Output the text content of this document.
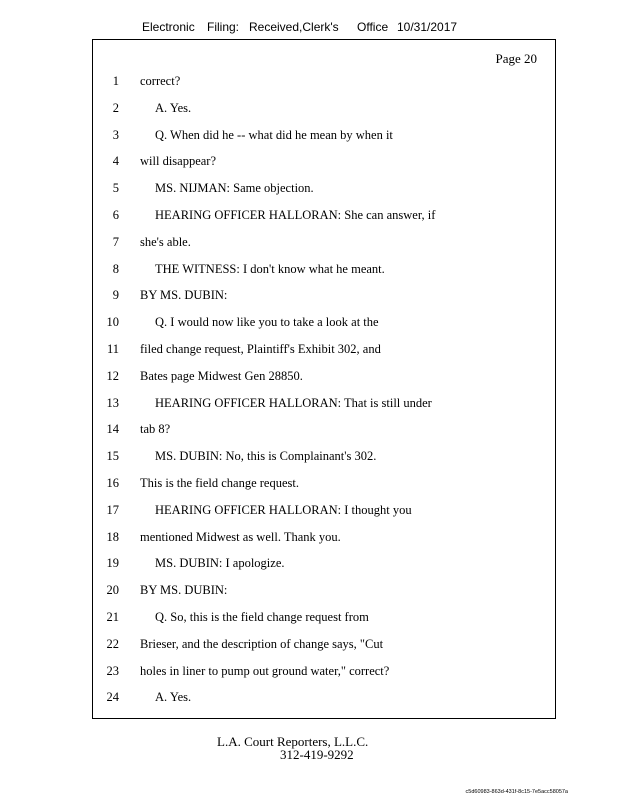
Electronic Filing: Received,Clerk's Office 10/31/2017
Page 20
1 correct?
2	A. Yes.
3	Q. When did he -- what did he mean by when it
4 will disappear?
5	MS. NIJMAN: Same objection.
6	HEARING OFFICER HALLORAN: She can answer, if
7 she's able.
8	THE WITNESS: I don't know what he meant.
9 BY MS. DUBIN:
10	Q. I would now like you to take a look at the
11 filed change request, Plaintiff's Exhibit 302, and
12 Bates page Midwest Gen 28850.
13	HEARING OFFICER HALLORAN: That is still under
14 tab 8?
15	MS. DUBIN: No, this is Complainant's 302.
16 This is the field change request.
17	HEARING OFFICER HALLORAN: I thought you
18 mentioned Midwest as well. Thank you.
19	MS. DUBIN: I apologize.
20 BY MS. DUBIN:
21	Q. So, this is the field change request from
22 Brieser, and the description of change says, "Cut
23 holes in liner to pump out ground water," correct?
24	A. Yes.
L.A. Court Reporters, L.L.C.
312-419-9292
c5d60983-863d-431f-8c15-7e5acc58057a
